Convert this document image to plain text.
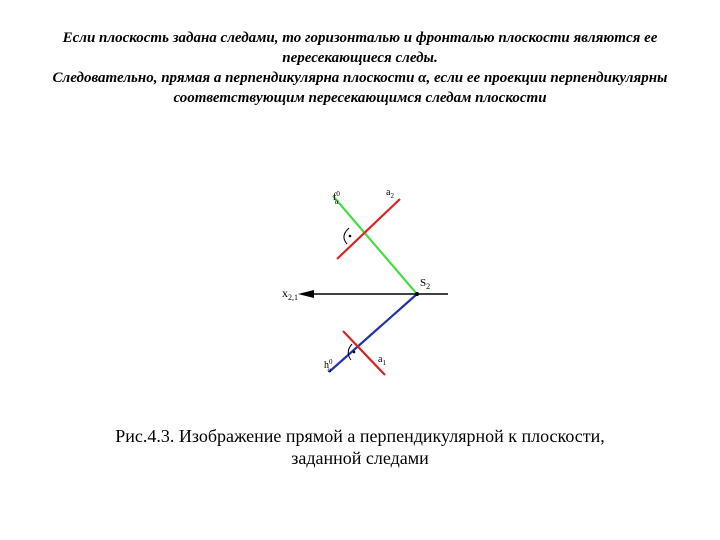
Если плоскость задана следами, то горизонталью и фронталью плоскости являются ее
пересекающиеся следы.
Следовательно, прямая a перпендикулярна плоскости α, если ее проекции перпендикулярны
соответствующим пересекающимся следам плоскости
$f^0$ α
$a_2$
$x_{2,1}$
$S_2$
$h^0$ α
$a_1$
Рис.4.3. Изображение прямой a перпендикулярной к плоскости,
заданной следами
